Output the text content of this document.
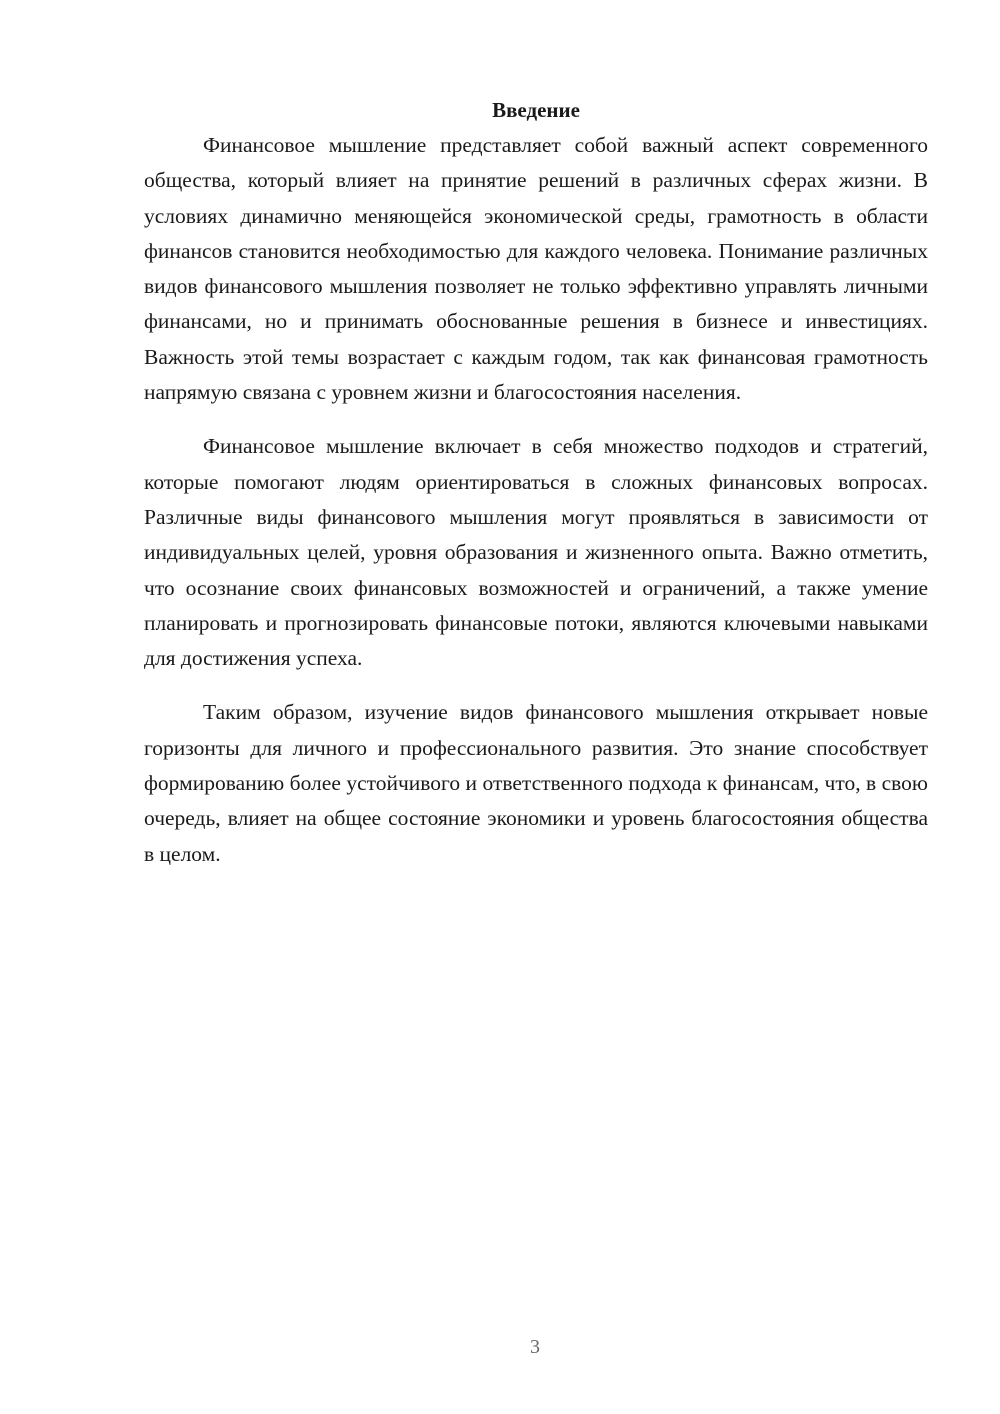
Введение

Финансовое мышление представляет собой важный аспект современного общества, который влияет на принятие решений в различных сферах жизни. В условиях динамично меняющейся экономической среды, грамотность в области финансов становится необходимостью для каждого человека. Понимание различных видов финансового мышления позволяет не только эффективно управлять личными финансами, но и принимать обоснованные решения в бизнесе и инвестициях. Важность этой темы возрастает с каждым годом, так как финансовая грамотность напрямую связана с уровнем жизни и благосостояния населения.

Финансовое мышление включает в себя множество подходов и стратегий, которые помогают людям ориентироваться в сложных финансовых вопросах. Различные виды финансового мышления могут проявляться в зависимости от индивидуальных целей, уровня образования и жизненного опыта. Важно отметить, что осознание своих финансовых возможностей и ограничений, а также умение планировать и прогнозировать финансовые потоки, являются ключевыми навыками для достижения успеха.

Таким образом, изучение видов финансового мышления открывает новые горизонты для личного и профессионального развития. Это знание способствует формированию более устойчивого и ответственного подхода к финансам, что, в свою очередь, влияет на общее состояние экономики и уровень благосостояния общества в целом.

3
